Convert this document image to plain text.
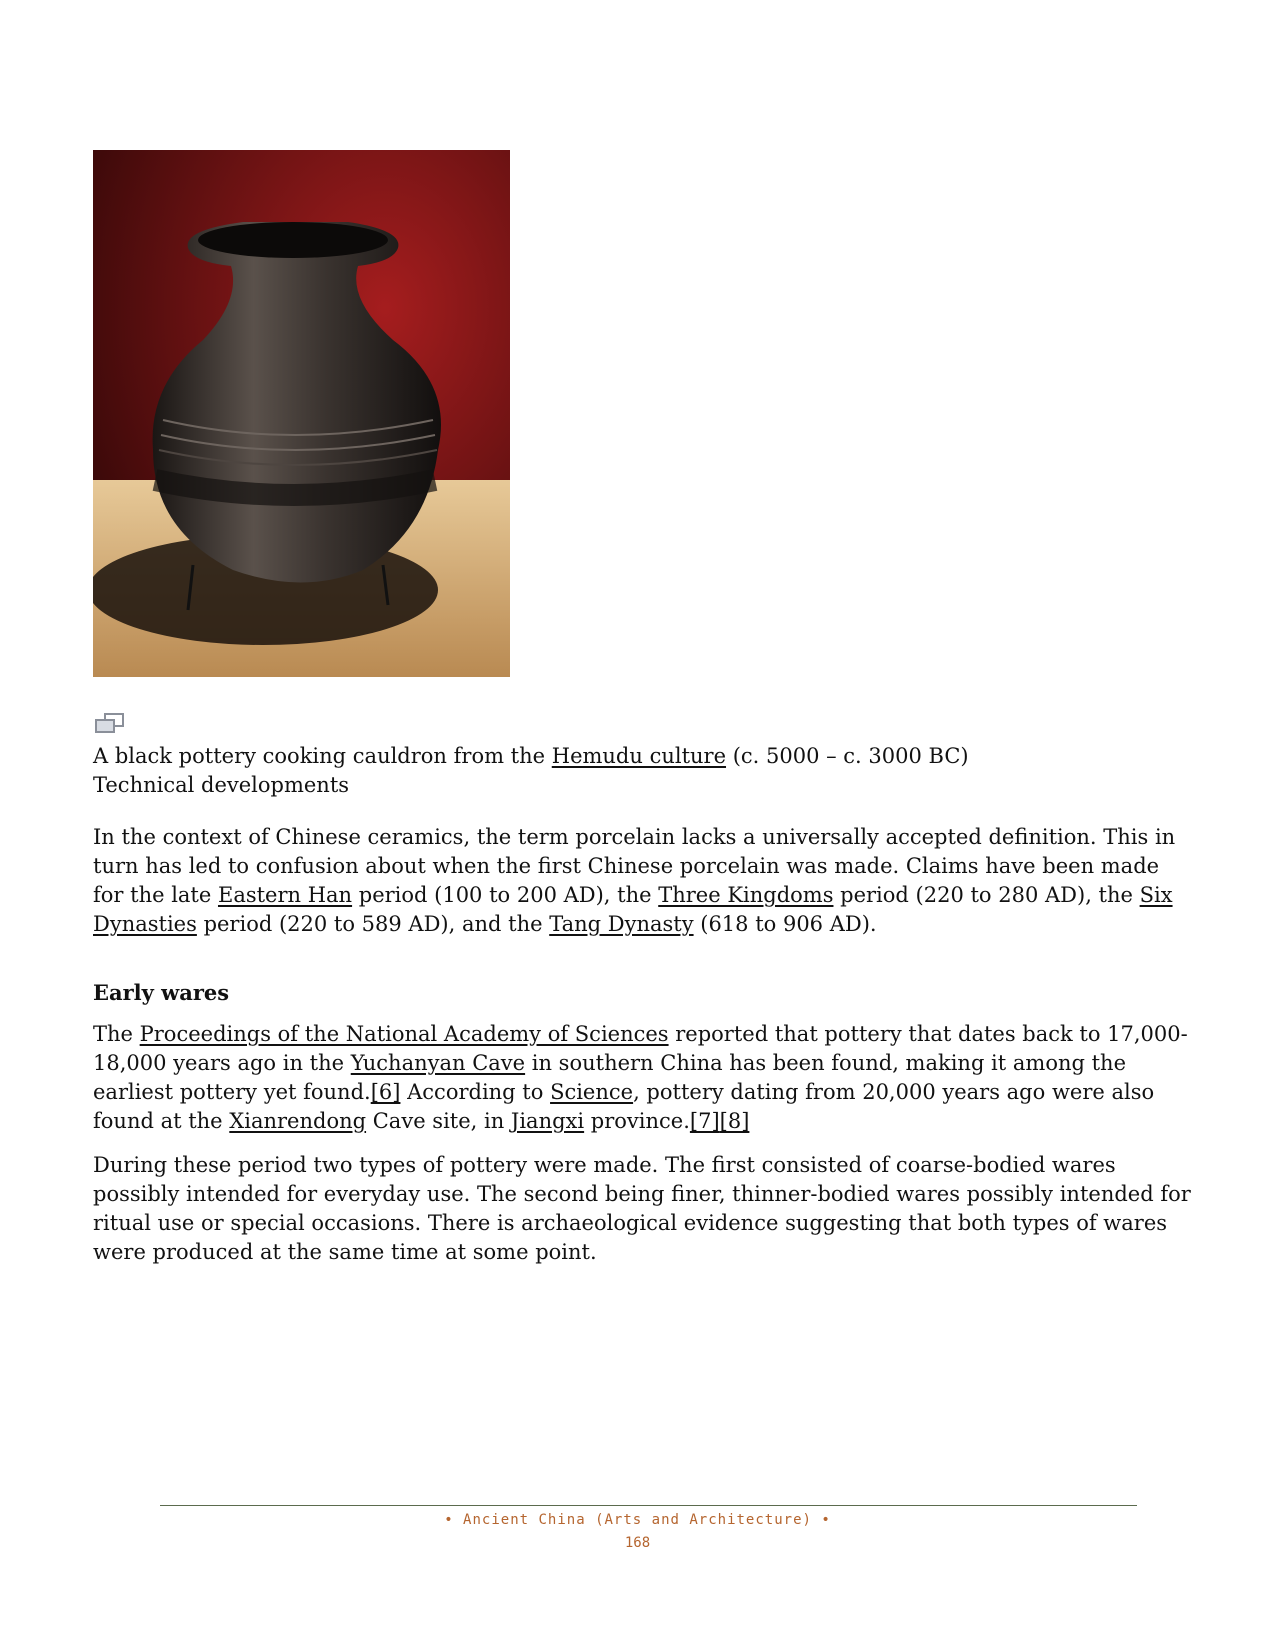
A black pottery cooking cauldron from the Hemudu culture (c. 5000 – c. 3000 BC)

Technical developments

In the context of Chinese ceramics, the term porcelain lacks a universally accepted definition. This in turn has led to confusion about when the first Chinese porcelain was made. Claims have been made for the late Eastern Han period (100 to 200 AD), the Three Kingdoms period (220 to 280 AD), the Six Dynasties period (220 to 589 AD), and the Tang Dynasty (618 to 906 AD).

Early wares

The Proceedings of the National Academy of Sciences reported that pottery that dates back to 17,000-18,000 years ago in the Yuchanyan Cave in southern China has been found, making it among the earliest pottery yet found.[6] According to Science, pottery dating from 20,000 years ago were also found at the Xianrendong Cave site, in Jiangxi province.[7][8]

During these period two types of pottery were made. The first consisted of coarse-bodied wares possibly intended for everyday use. The second being finer, thinner-bodied wares possibly intended for ritual use or special occasions. There is archaeological evidence suggesting that both types of wares were produced at the same time at some point.

• Ancient China (Arts and Architecture) •
168
